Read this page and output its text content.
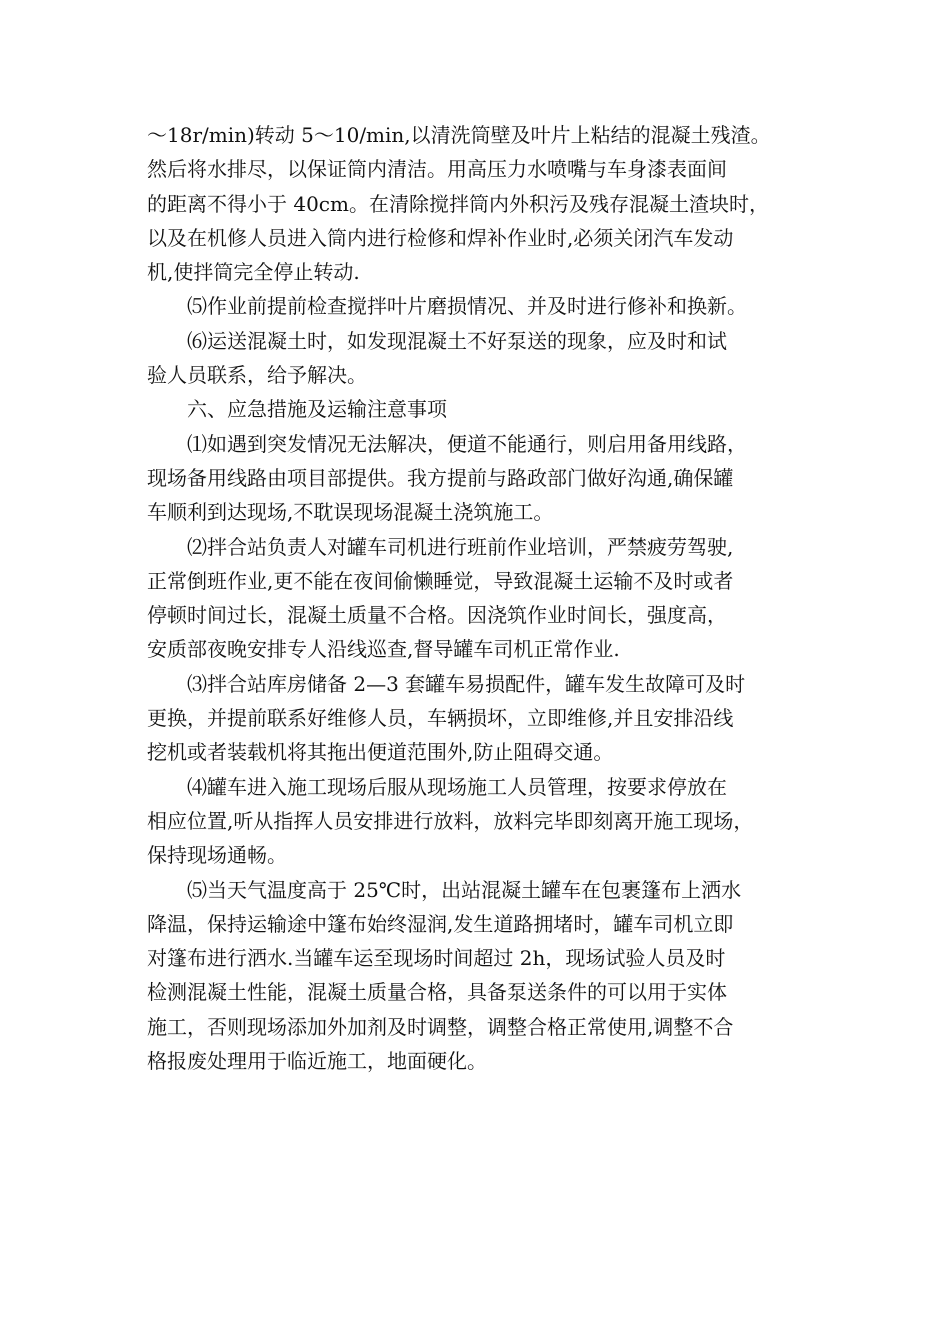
～18r/min)转动 5～10/min,以清洗筒壁及叶片上粘结的混凝土残渣。
然后将水排尽，以保证筒内清洁。用高压力水喷嘴与车身漆表面间
的距离不得小于 40cm。在清除搅拌筒内外积污及残存混凝土渣块时，
以及在机修人员进入筒内进行检修和焊补作业时,必须关闭汽车发动
机,使拌筒完全停止转动.
⑸作业前提前检查搅拌叶片磨损情况、并及时进行修补和换新。
⑹运送混凝土时，如发现混凝土不好泵送的现象，应及时和试
验人员联系，给予解决。
六、应急措施及运输注意事项
⑴如遇到突发情况无法解决，便道不能通行，则启用备用线路，
现场备用线路由项目部提供。我方提前与路政部门做好沟通,确保罐
车顺利到达现场,不耽误现场混凝土浇筑施工。
⑵拌合站负责人对罐车司机进行班前作业培训，严禁疲劳驾驶,
正常倒班作业,更不能在夜间偷懒睡觉，导致混凝土运输不及时或者
停顿时间过长，混凝土质量不合格。因浇筑作业时间长，强度高，
安质部夜晚安排专人沿线巡查,督导罐车司机正常作业.
⑶拌合站库房储备 2—3 套罐车易损配件，罐车发生故障可及时
更换，并提前联系好维修人员，车辆损坏，立即维修,并且安排沿线
挖机或者装载机将其拖出便道范围外,防止阻碍交通。
⑷罐车进入施工现场后服从现场施工人员管理，按要求停放在
相应位置,听从指挥人员安排进行放料，放料完毕即刻离开施工现场，
保持现场通畅。
⑸当天气温度高于 25℃时，出站混凝土罐车在包裹篷布上洒水
降温，保持运输途中篷布始终湿润,发生道路拥堵时，罐车司机立即
对篷布进行洒水.当罐车运至现场时间超过 2h，现场试验人员及时
检测混凝土性能，混凝土质量合格，具备泵送条件的可以用于实体
施工，否则现场添加外加剂及时调整，调整合格正常使用,调整不合
格报废处理用于临近施工，地面硬化。
